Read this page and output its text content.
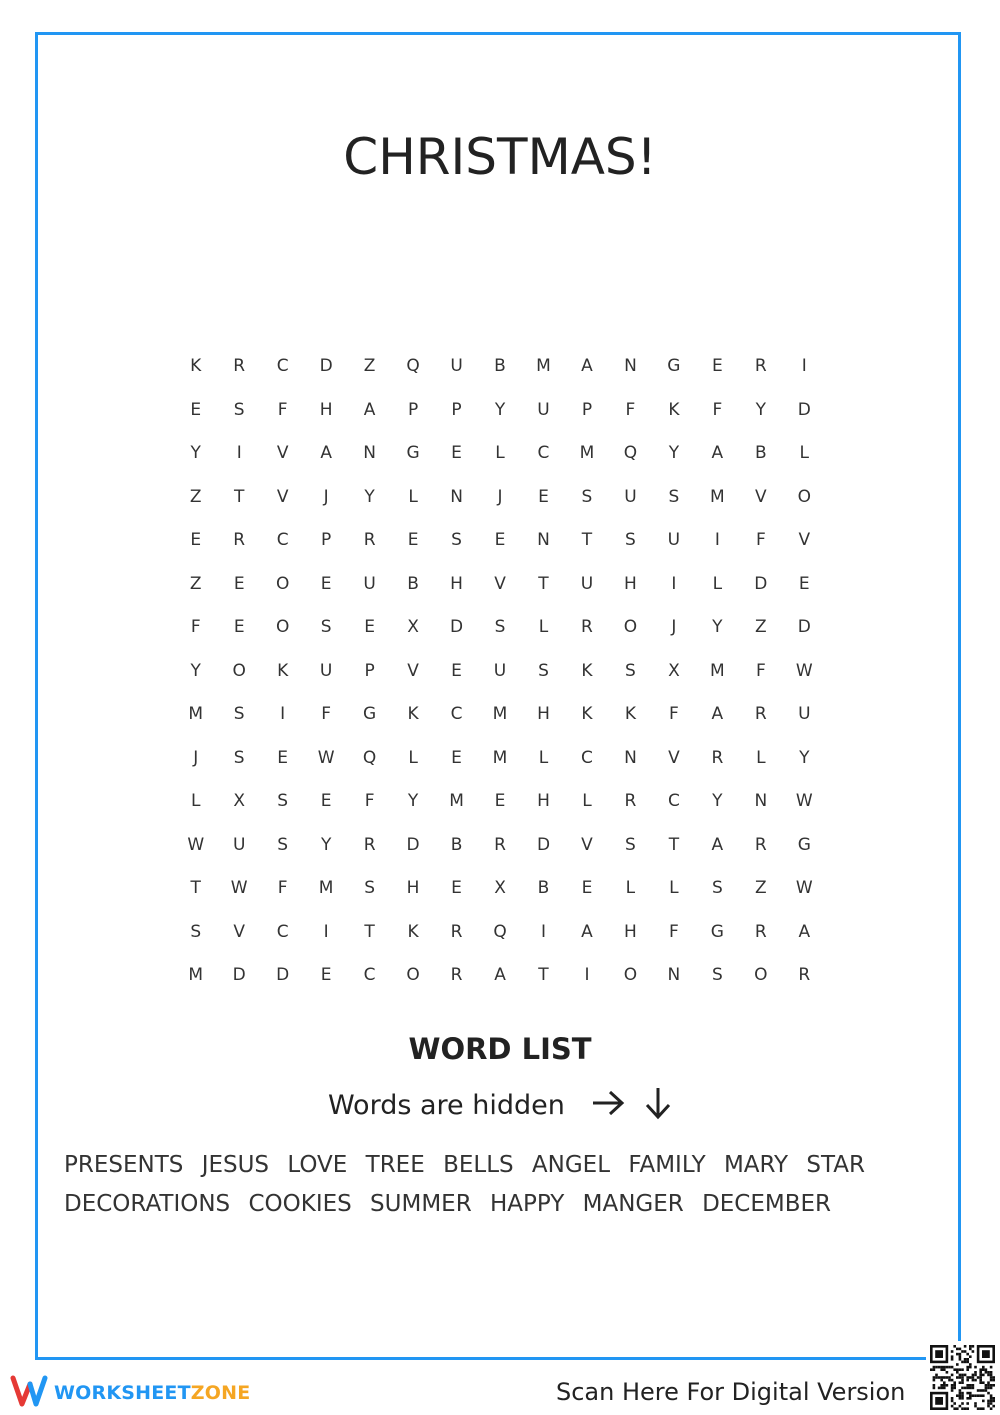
CHRISTMAS!
K	R	C	D	Z	Q	U	B	M	A	N	G	E	R	I
E	S	F	H	A	P	P	Y	U	P	F	K	F	Y	D
Y	I	V	A	N	G	E	L	C	M	Q	Y	A	B	L
Z	T	V	J	Y	L	N	J	E	S	U	S	M	V	O
E	R	C	P	R	E	S	E	N	T	S	U	I	F	V
Z	E	O	E	U	B	H	V	T	U	H	I	L	D	E
F	E	O	S	E	X	D	S	L	R	O	J	Y	Z	D
Y	O	K	U	P	V	E	U	S	K	S	X	M	F	W
M	S	I	F	G	K	C	M	H	K	K	F	A	R	U
J	S	E	W	Q	L	E	M	L	C	N	V	R	L	Y
L	X	S	E	F	Y	M	E	H	L	R	C	Y	N	W
W	U	S	Y	R	D	B	R	D	V	S	T	A	R	G
T	W	F	M	S	H	E	X	B	E	L	L	S	Z	W
S	V	C	I	T	K	R	Q	I	A	H	F	G	R	A
M	D	D	E	C	O	R	A	T	I	O	N	S	O	R
WORD LIST
Words are hidden
PRESENTS JESUS LOVE TREE BELLS ANGEL FAMILY MARY STAR DECORATIONS COOKIES SUMMER HAPPY MANGER DECEMBER
WORKSHEETZONE	Scan Here For Digital Version
